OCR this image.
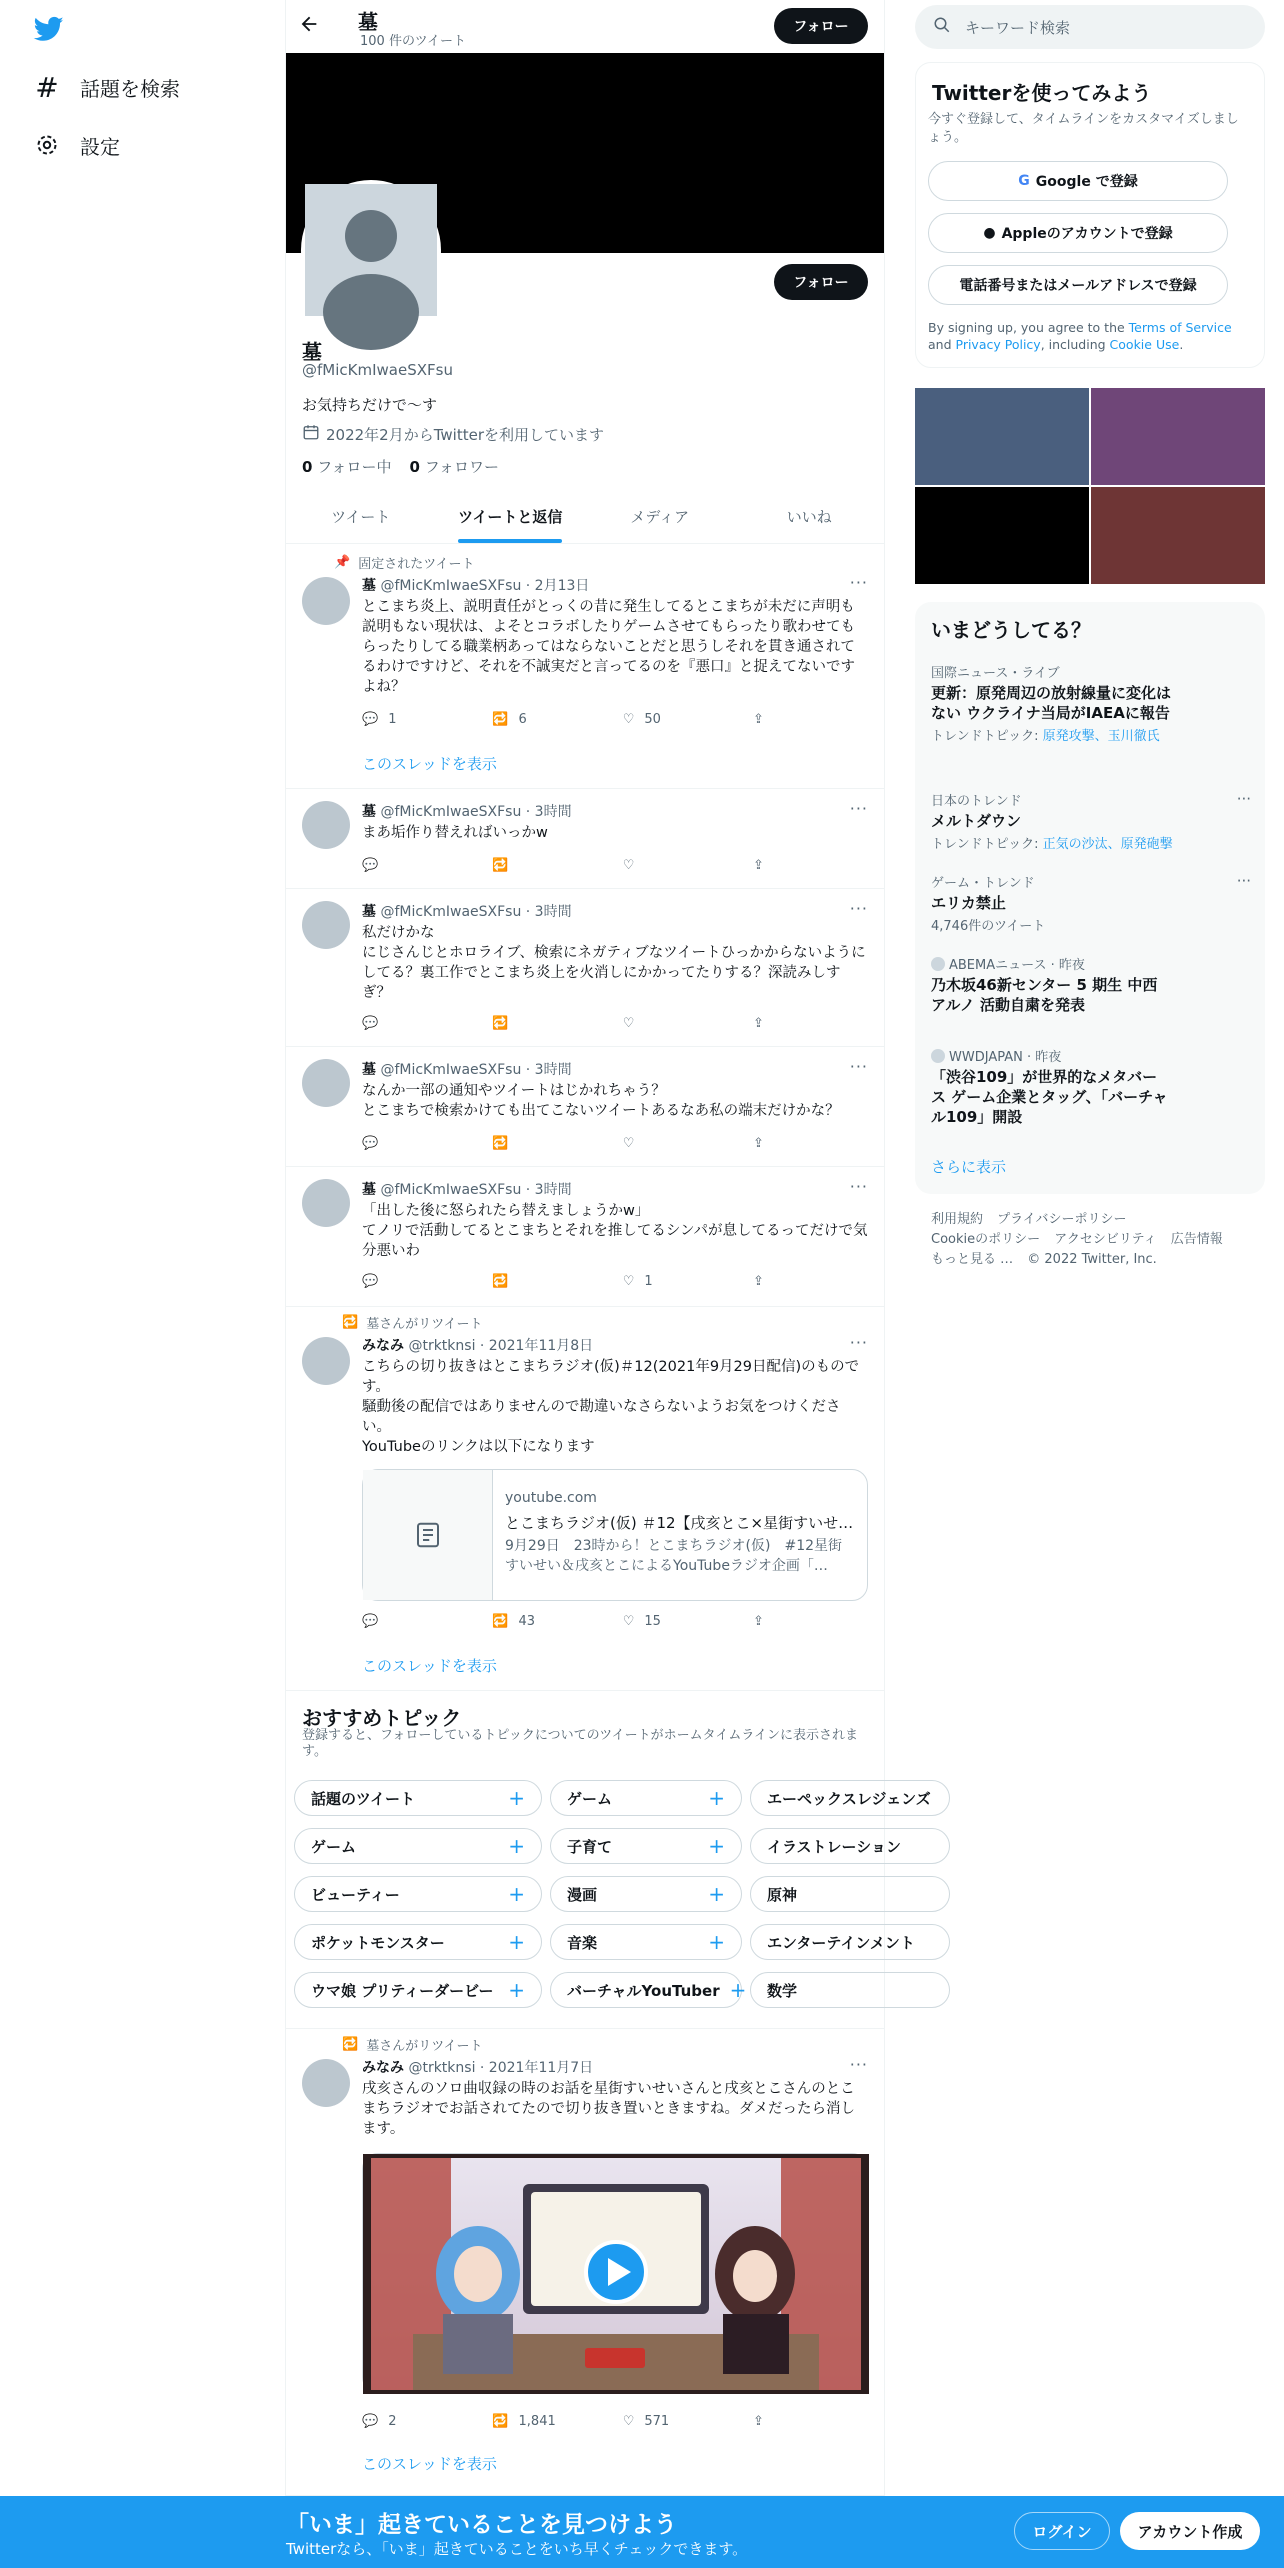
# 話題を検索
設定
墓
100 件のツイート
フォロー
フォロー
墓
@fMicKmIwaeSXFsu
お気持ちだけで〜す
2022年2月からTwitterを利用しています
0 フォロー中 0 フォロワー
ツイート	ツイートと返信	メディア	いいね
📌 固定されたツイート
墓 @fMicKmIwaeSXFsu · 2月13日	···
とこまち炎上、説明責任がとっくの昔に発生してるとこまちが未だに声明も説明もない現状は、よそとコラボしたりゲームさせてもらったり歌わせてもらったりしてる職業柄あってはならないことだと思うしそれを貫き通されてるわけですけど、それを不誠実だと言ってるのを『悪口』と捉えてないですよね？
💬 1	🔁 6	♡ 50	⇪
このスレッドを表示
墓 @fMicKmIwaeSXFsu · 3時間	···
まあ垢作り替えればいっかw
💬	🔁	♡	⇪
墓 @fMicKmIwaeSXFsu · 3時間	···
私だけかな
にじさんじとホロライブ、検索にネガティブなツイートひっかからないようにしてる？裏工作でとこまち炎上を火消しにかかってたりする？深読みしすぎ？
💬	🔁	♡	⇪
墓 @fMicKmIwaeSXFsu · 3時間	···
なんか一部の通知やツイートはじかれちゃう？
とこまちで検索かけても出てこないツイートあるなあ私の端末だけかな？
💬	🔁	♡	⇪
墓 @fMicKmIwaeSXFsu · 3時間	···
「出した後に怒られたら替えましょうかw」
てノリで活動してるとこまちとそれを推してるシンパが息してるってだけで気分悪いわ
💬	🔁	♡ 1	⇪
🔁 墓さんがリツイート
みなみ @trktknsi · 2021年11月8日	···
こちらの切り抜きはとこまちラジオ(仮)＃12(2021年9月29日配信)のものです。
騒動後の配信ではありませんので勘違いなさらないようお気をつけください。
YouTubeのリンクは以下になります
youtube.com
とこまちラジオ(仮) ＃12【戌亥とこ×星街すいせ…
9月29日　23時から！とこまちラジオ(仮)　#12星街すいせい＆戌亥とこによるYouTubeラジオ企画「…
💬	🔁 43	♡ 15	⇪
このスレッドを表示
おすすめトピック
登録すると、フォローしているトピックについてのツイートがホームタイムラインに表示されます。
話題のツイート	+	ゲーム	+	エーペックスレジェンズ
ゲーム	+	子育て	+	イラストレーション
ビューティー	+	漫画	+	原神
ポケットモンスター	+	音楽	+	エンターテインメント
ウマ娘 プリティーダービー +	バーチャルYouTuber + 数学
🔁 墓さんがリツイート
みなみ @trktknsi · 2021年11月7日	···
戌亥さんのソロ曲収録の時のお話を星街すいせいさんと戌亥とこさんのとこまちラジオでお話されてたので切り抜き置いときますね。ダメだったら消します。
💬 2	🔁 1,841	♡ 571	⇪
このスレッドを表示
キーワード検索
Twitterを使ってみよう
今すぐ登録して、タイムラインをカスタマイズしましょう。
G Google で登録
● Appleのアカウントで登録
電話番号またはメールアドレスで登録
By signing up, you agree to the Terms of Service and Privacy Policy, including Cookie Use.
いまどうしてる？
国際ニュース・ライブ
更新：原発周辺の放射線量に変化はない ウクライナ当局がIAEAに報告
トレンドトピック: 原発攻撃、玉川徹氏
日本のトレンド
メルトダウン
トレンドトピック: 正気の沙汰、原発砲撃
···
ゲーム・トレンド
エリカ禁止
4,746件のツイート
···
ABEMAニュース · 昨夜
乃木坂46新センター 5 期生 中西アルノ 活動自粛を発表
WWDJAPAN · 昨夜
「渋谷109」が世界的なメタバース ゲーム企業とタッグ、「バーチャル109」開設
さらに表示
利用規約 プライバシーポリシー
Cookieのポリシー アクセシビリティ 広告情報
もっと見る … © 2022 Twitter, Inc.
「いま」起きていることを見つけよう
Twitterなら、「いま」起きていることをいち早くチェックできます。
ログイン	アカウント作成
